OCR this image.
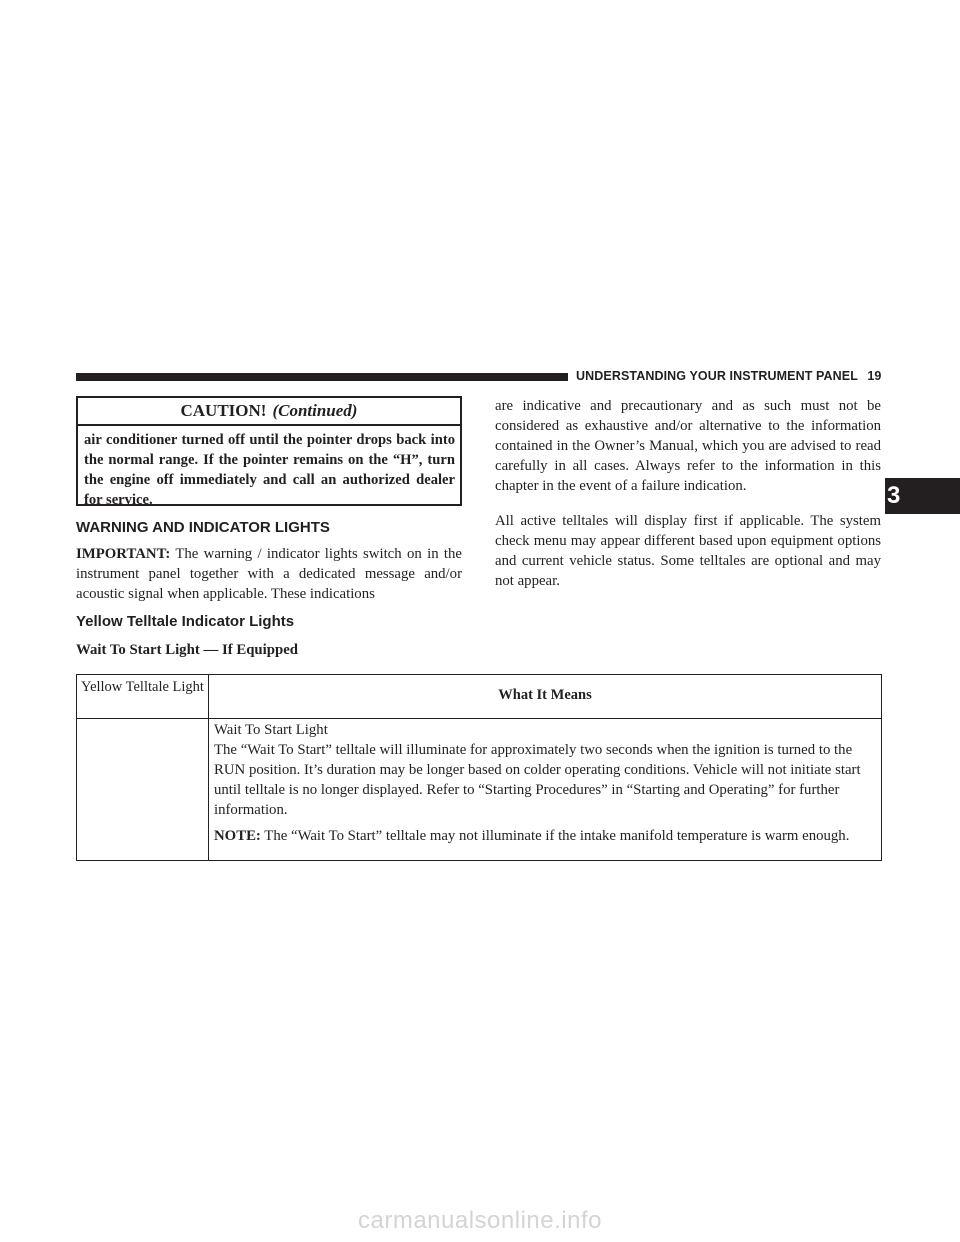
UNDERSTANDING YOUR INSTRUMENT PANEL 19
3
CAUTION! (Continued)
air conditioner turned off until the pointer drops back into the normal range. If the pointer remains on the “H”, turn the engine off immediately and call an authorized dealer for service.
WARNING AND INDICATOR LIGHTS
IMPORTANT: The warning / indicator lights switch on in the instrument panel together with a dedicated message and/or acoustic signal when applicable. These indications
are indicative and precautionary and as such must not be considered as exhaustive and/or alternative to the information contained in the Owner’s Manual, which you are advised to read carefully in all cases. Always refer to the information in this chapter in the event of a failure indication.
All active telltales will display first if applicable. The system check menu may appear different based upon equipment options and current vehicle status. Some telltales are optional and may not appear.
Yellow Telltale Indicator Lights
Wait To Start Light — If Equipped
Yellow Telltale Light	What It Means

Wait To Start Light

The “Wait To Start” telltale will illuminate for approximately two seconds when the ignition is turned to the RUN position. It’s duration may be longer based on colder operating conditions. Vehicle will not initiate start until telltale is no longer displayed. Refer to “Starting Procedures” in “Starting and Operating” for further information.

NOTE: The “Wait To Start” telltale may not illuminate if the intake manifold temperature is warm enough.

carmanualsonline.info
